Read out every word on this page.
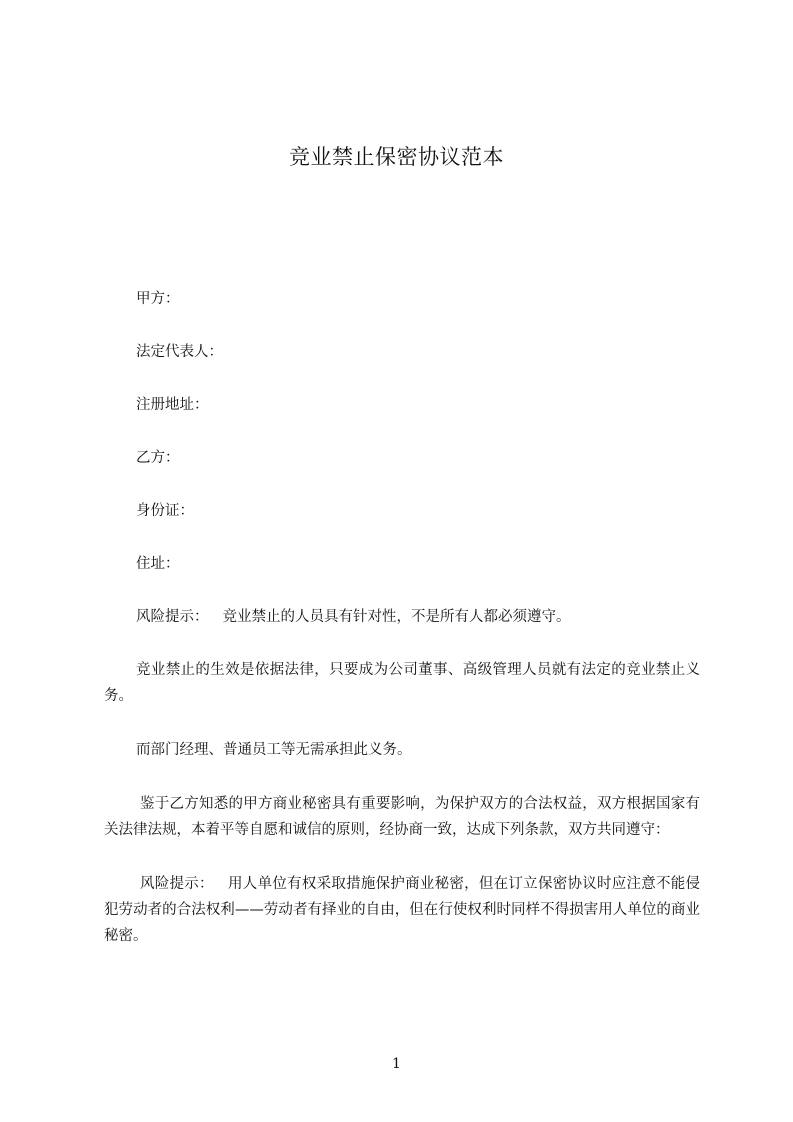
竞业禁止保密协议范本
甲方：
法定代表人：
注册地址：
乙方：
身份证：
住址：
风险提示： 竞业禁止的人员具有针对性，不是所有人都必须遵守。

竞业禁止的生效是依据法律，只要成为公司董事、高级管理人员就有法定的竞业禁止义务。

而部门经理、普通员工等无需承担此义务。

鉴于乙方知悉的甲方商业秘密具有重要影响，为保护双方的合法权益，双方根据国家有关法律法规，本着平等自愿和诚信的原则，经协商一致，达成下列条款，双方共同遵守：

风险提示： 用人单位有权采取措施保护商业秘密，但在订立保密协议时应注意不能侵犯劳动者的合法权利——劳动者有择业的自由，但在行使权利时同样不得损害用人单位的商业秘密。

1
